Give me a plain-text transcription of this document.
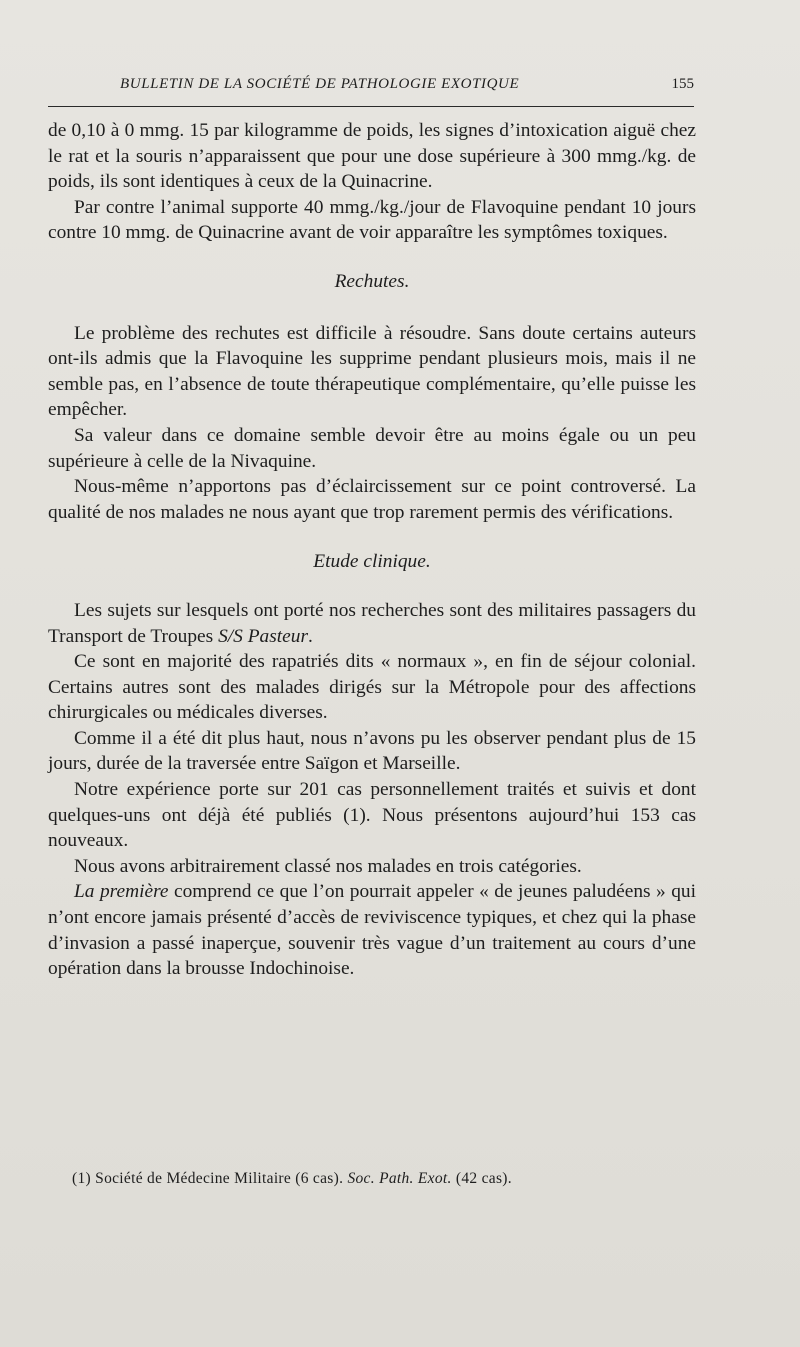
BULLETIN DE LA SOCIÉTÉ DE PATHOLOGIE EXOTIQUE	155

de 0,10 à 0 mmg. 15 par kilogramme de poids, les signes d’intoxication aiguë chez le rat et la souris n’apparaissent que pour une dose supérieure à 300 mmg./kg. de poids, ils sont identiques à ceux de la Quinacrine.

Par contre l’animal supporte 40 mmg./kg./jour de Flavoquine pendant 10 jours contre 10 mmg. de Quinacrine avant de voir apparaître les symptômes toxiques.

Rechutes.

Le problème des rechutes est difficile à résoudre. Sans doute certains auteurs ont-ils admis que la Flavoquine les supprime pendant plusieurs mois, mais il ne semble pas, en l’absence de toute thérapeutique complémentaire, qu’elle puisse les empêcher.

Sa valeur dans ce domaine semble devoir être au moins égale ou un peu supérieure à celle de la Nivaquine.

Nous-même n’apportons pas d’éclaircissement sur ce point controversé. La qualité de nos malades ne nous ayant que trop rarement permis des vérifications.

Etude clinique.

Les sujets sur lesquels ont porté nos recherches sont des militaires passagers du Transport de Troupes S/S Pasteur.

Ce sont en majorité des rapatriés dits « normaux », en fin de séjour colonial. Certains autres sont des malades dirigés sur la Métropole pour des affections chirurgicales ou médicales diverses.

Comme il a été dit plus haut, nous n’avons pu les observer pendant plus de 15 jours, durée de la traversée entre Saïgon et Marseille.

Notre expérience porte sur 201 cas personnellement traités et suivis et dont quelques-uns ont déjà été publiés (1). Nous présentons aujourd’hui 153 cas nouveaux.

Nous avons arbitrairement classé nos malades en trois catégories.

La première comprend ce que l’on pourrait appeler « de jeunes paludéens » qui n’ont encore jamais présenté d’accès de reviviscence typiques, et chez qui la phase d’invasion a passé inaperçue, souvenir très vague d’un traitement au cours d’une opération dans la brousse Indochinoise.

(1) Société de Médecine Militaire (6 cas). Soc. Path. Exot. (42 cas).
